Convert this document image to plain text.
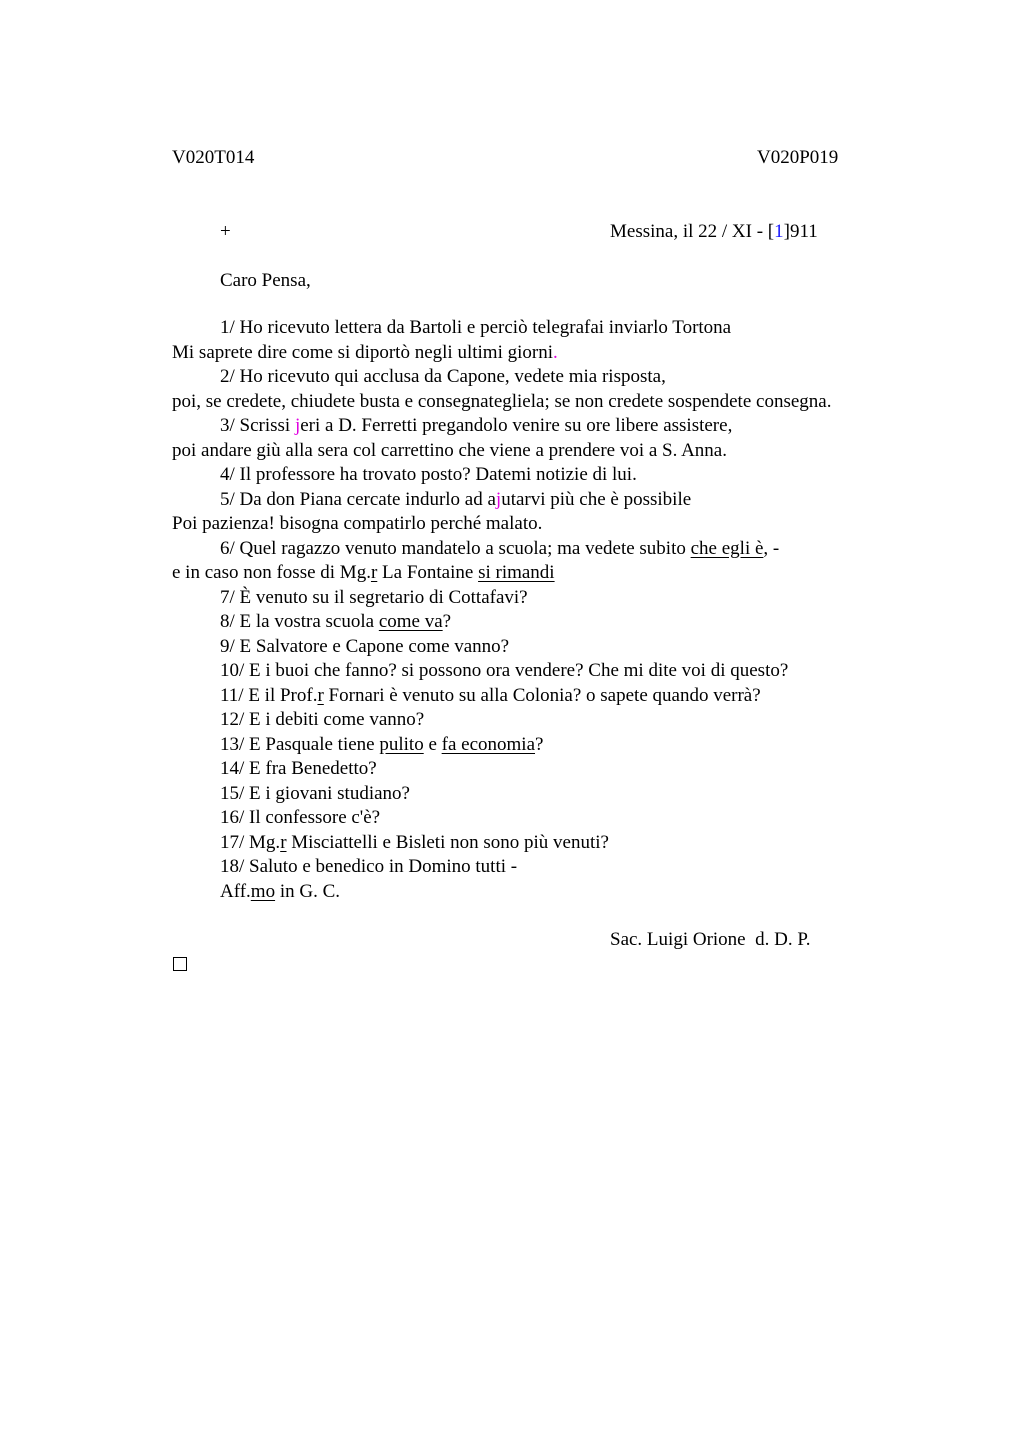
V020T014	V020P019
+	Messina, il 22 / XI - [1]911
Caro Pensa,
1/ Ho ricevuto lettera da Bartoli e perciò telegrafai inviarlo Tortona
Mi saprete dire come si diportò negli ultimi giorni.
2/ Ho ricevuto qui acclusa da Capone, vedete mia risposta,
poi, se credete, chiudete busta e consegnategliela; se non credete sospendete consegna.
3/ Scrissi jeri a D. Ferretti pregandolo venire su ore libere assistere,
poi andare giù alla sera col carrettino che viene a prendere voi a S. Anna.
4/ Il professore ha trovato posto? Datemi notizie di lui.
5/ Da don Piana cercate indurlo ad ajutarvi più che è possibile
Poi pazienza! bisogna compatirlo perché malato.
6/ Quel ragazzo venuto mandatelo a scuola; ma vedete subito che egli è, -
e in caso non fosse di Mg.r La Fontaine si rimandi
7/ È venuto su il segretario di Cottafavi?
8/ E la vostra scuola come va?
9/ E Salvatore e Capone come vanno?
10/ E i buoi che fanno? si possono ora vendere? Che mi dite voi di questo?
11/ E il Prof.r Fornari è venuto su alla Colonia? o sapete quando verrà?
12/ E i debiti come vanno?
13/ E Pasquale tiene pulito e fa economia?
14/ E fra Benedetto?
15/ E i giovani studiano?
16/ Il confessore c'è?
17/ Mg.r Misciattelli e Bisleti non sono più venuti?
18/ Saluto e benedico in Domino tutti -
Aff.mo in G. C.
Sac. Luigi Orione  d. D. P.
